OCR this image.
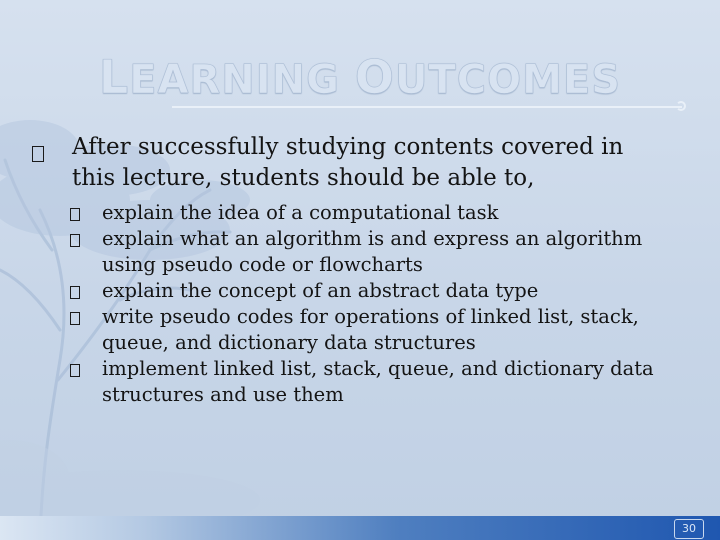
LEARNING OUTCOMES
After successfully studying contents covered in this lecture, students should be able to,
explain the idea of a computational task
explain what an algorithm is and express an algorithm using pseudo code or flowcharts
explain the concept of an abstract data type
write pseudo codes for operations of linked list, stack, queue, and dictionary data structures
implement linked list, stack, queue, and dictionary data structures and use them
30
